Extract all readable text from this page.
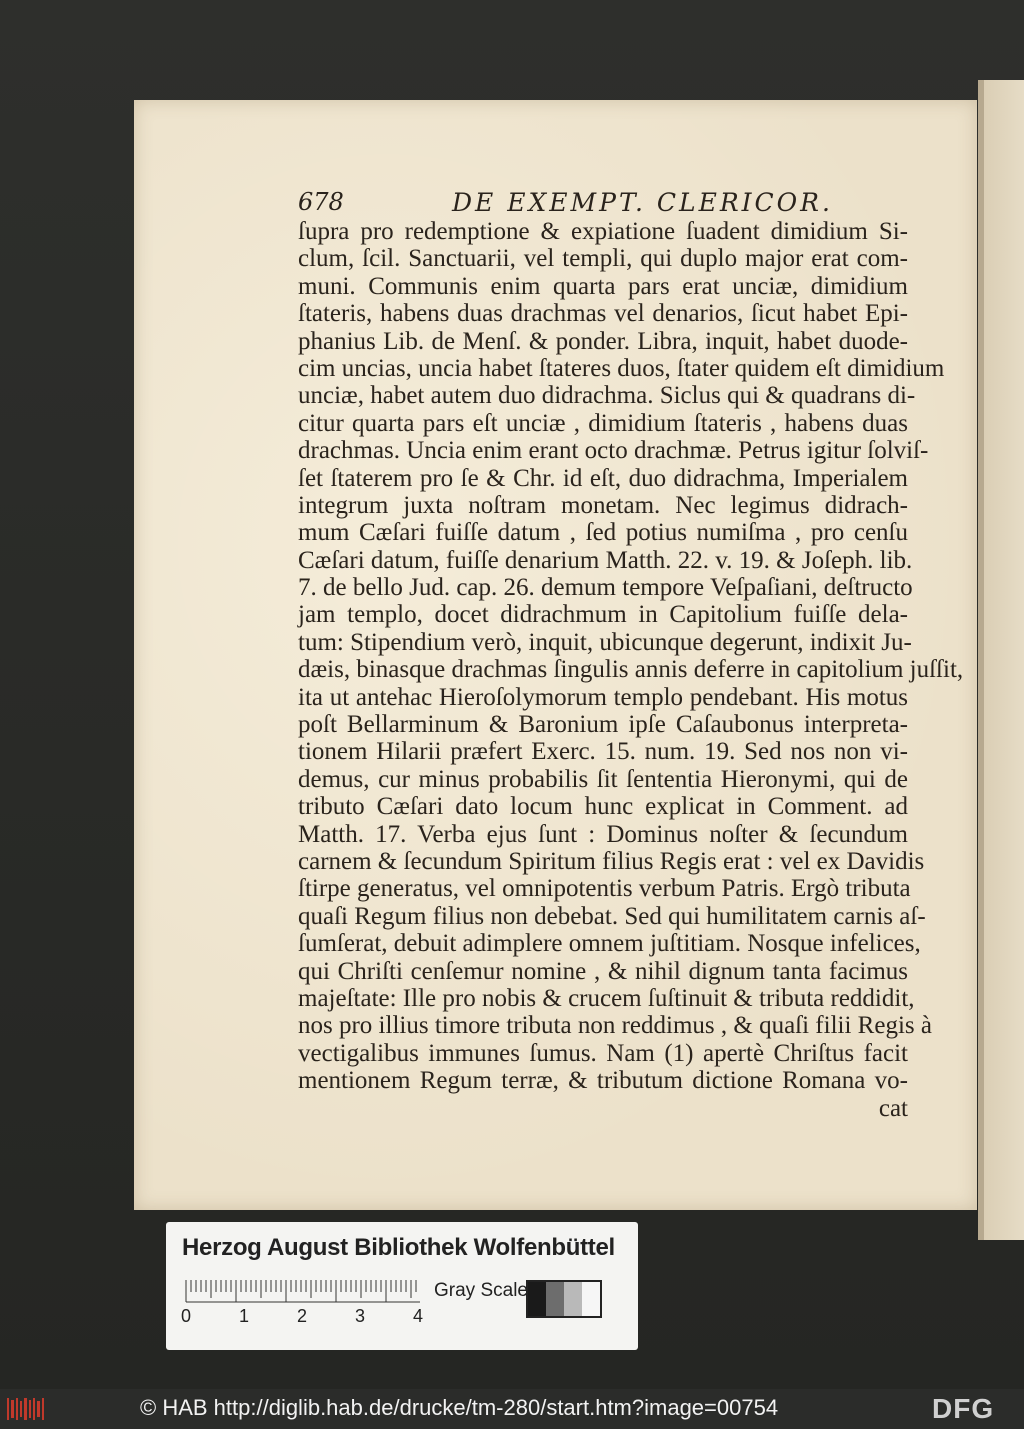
678	DE EXEMPT. CLERICOR.
ſupra pro redemptione & expiatione ſuadent dimidium Si-
clum, ſcil. Sanctuarii, vel templi, qui duplo major erat com-
muni. Communis enim quarta pars erat unciæ, dimidium
ſtateris, habens duas drachmas vel denarios, ſicut habet Epi-
phanius Lib. de Menſ. & ponder. Libra, inquit, habet duode-
cim uncias, uncia habet ſtateres duos, ſtater quidem eſt dimidium
unciæ, habet autem duo didrachma. Siclus qui & quadrans di-
citur quarta pars eſt unciæ , dimidium ſtateris , habens duas
drachmas. Uncia enim erant octo drachmæ. Petrus igitur ſolviſ-
ſet ſtaterem pro ſe & Chr. id eſt, duo didrachma, Imperialem
integrum juxta noſtram monetam. Nec legimus didrach-
mum Cæſari fuiſſe datum , ſed potius numiſma , pro cenſu
Cæſari datum, fuiſſe denarium Matth. 22. v. 19. & Joſeph. lib.
7. de bello Jud. cap. 26. demum tempore Veſpaſiani, deſtructo
jam templo, docet didrachmum in Capitolium fuiſſe dela-
tum: Stipendium verò, inquit, ubicunque degerunt, indixit Ju-
dæis, binasque drachmas ſingulis annis deferre in capitolium juſſit,
ita ut antehac Hieroſolymorum templo pendebant. His motus
poſt Bellarminum & Baronium ipſe Caſaubonus interpreta-
tionem Hilarii præfert Exerc. 15. num. 19. Sed nos non vi-
demus, cur minus probabilis ſit ſententia Hieronymi, qui de
tributo Cæſari dato locum hunc explicat in Comment. ad
Matth. 17. Verba ejus ſunt : Dominus noſter & ſecundum
carnem & ſecundum Spiritum filius Regis erat : vel ex Davidis
ſtirpe generatus, vel omnipotentis verbum Patris. Ergò tributa
quaſi Regum filius non debebat. Sed qui humilitatem carnis aſ-
ſumſerat, debuit adimplere omnem juſtitiam. Nosque infelices,
qui Chriſti cenſemur nomine , & nihil dignum tanta facimus
majeſtate: Ille pro nobis & crucem ſuſtinuit & tributa reddidit,
nos pro illius timore tributa non reddimus , & quaſi filii Regis à
vectigalibus immunes ſumus. Nam (1) apertè Chriſtus facit
mentionem Regum terræ, & tributum dictione Romana vo-
cat
Herzog August Bibliothek Wolfenbüttel
0	1	2	3	4
Gray Scale
© HAB http://diglib.hab.de/drucke/tm-280/start.htm?image=00754	DFG
